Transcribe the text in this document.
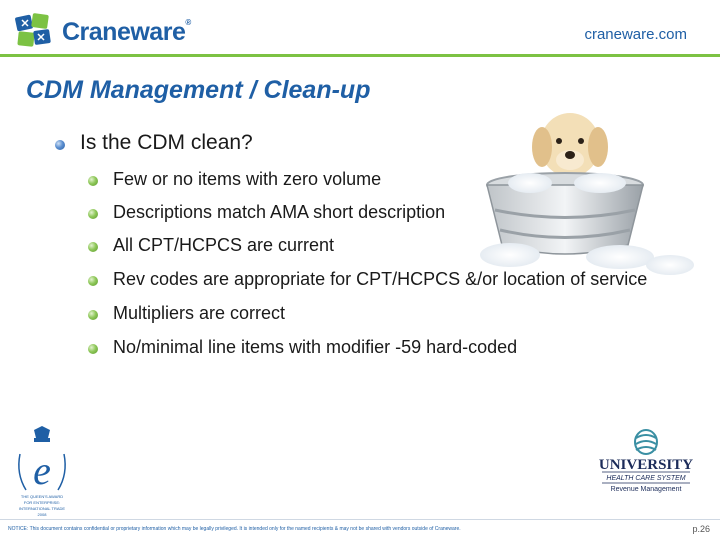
Craneware®
craneware.com
CDM Management / Clean-up
Is the CDM clean?
Few or no items with zero volume
Descriptions match AMA short description
All CPT/HCPCS are current
Rev codes are appropriate for CPT/HCPCS &/or location of service
Multipliers are correct
No/minimal line items with modifier -59 hard-coded
e
THE QUEEN'S AWARD
FOR ENTERPRISE:
INTERNATIONAL TRADE
2008
UNIVERSITY
HEALTH CARE SYSTEM
Revenue Management
NOTICE: This document contains confidential or proprietary information which may be legally privileged. It is intended only for the named recipients & may not be shared with vendors outside of Craneware.	p.26
